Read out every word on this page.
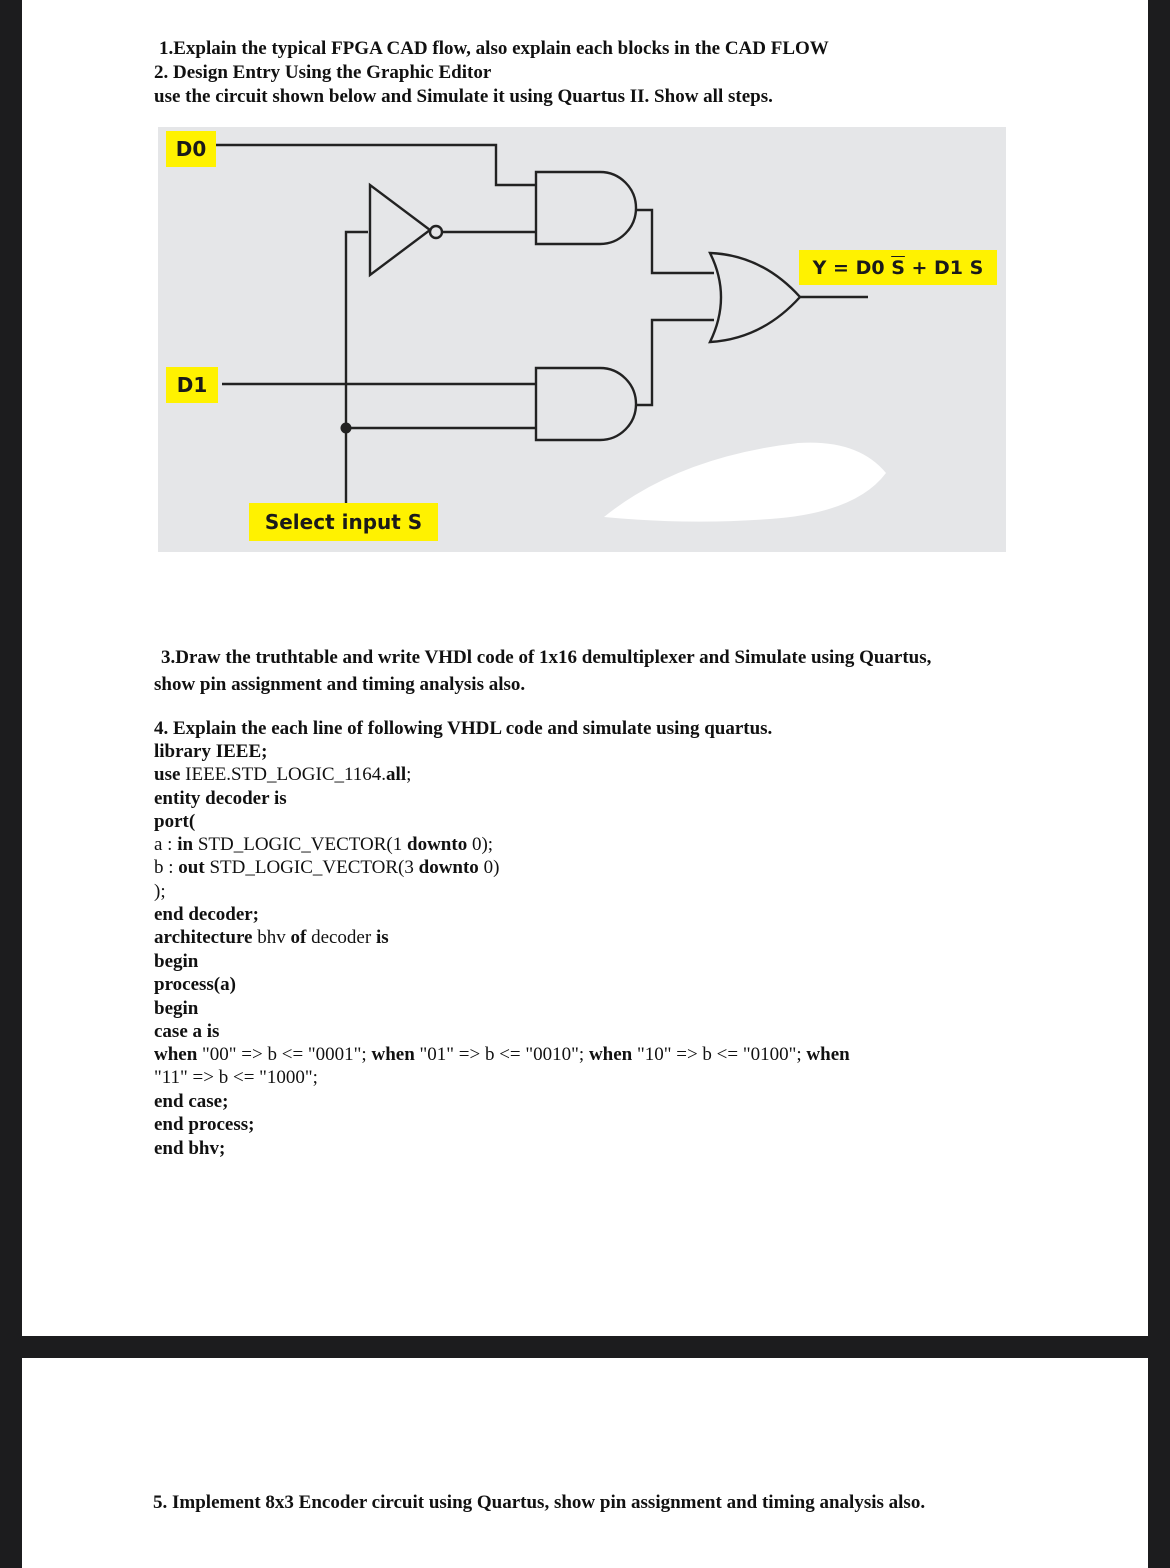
1.Explain the typical FPGA CAD flow, also explain each blocks in the CAD FLOW
2. Design Entry Using the Graphic Editor
use the circuit shown below and Simulate it using Quartus II. Show all steps.
D0
D1
Select input S
Y = D0 $\overline{S} + D1$ S
3.Draw the truthtable and write VHDl code of 1x16 demultiplexer and Simulate using Quartus,
show pin assignment and timing analysis also.
4. Explain the each line of following VHDL code and simulate using quartus.
library IEEE;
use IEEE.STD_LOGIC_1164.all;
entity decoder is
port(
a : in STD_LOGIC_VECTOR(1 downto 0);
b : out STD_LOGIC_VECTOR(3 downto 0)
);
end decoder;
architecture bhv of decoder is
begin
process(a)
begin
case a is
when "00" => b <= "0001"; when "01" => b <= "0010"; when "10" => b <= "0100"; when
"11" => b <= "1000";
end case;
end process;
end bhv;
5. Implement 8x3 Encoder circuit using Quartus, show pin assignment and timing analysis also.
